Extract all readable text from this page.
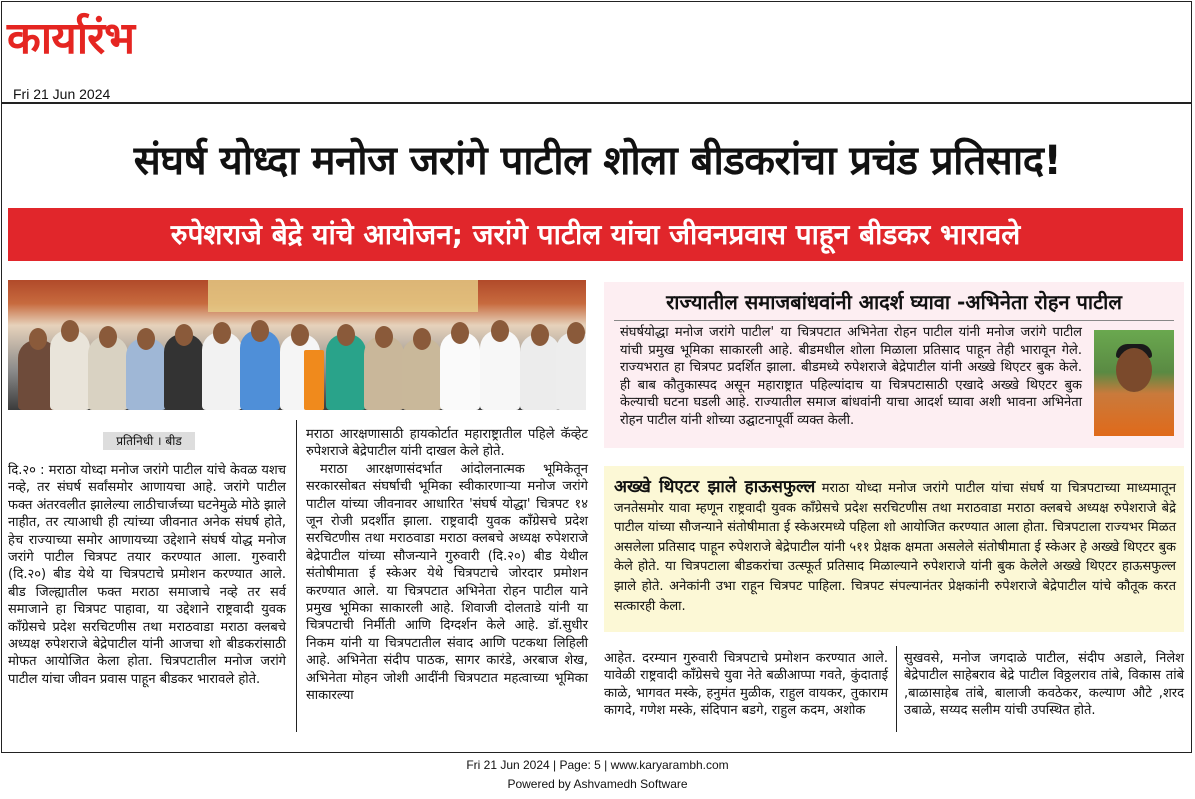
कार्यारंभ
Fri 21 Jun 2024
संघर्ष योध्दा मनोज जरांगे पाटील शोला बीडकरांचा प्रचंड प्रतिसाद!
रुपेशराजे बेद्रे यांचे आयोजन; जरांगे पाटील यांचा जीवनप्रवास पाहून बीडकर भारावले
प्रतिनिधी । बीड

दि.२० : मराठा योध्दा मनोज जरांगे पाटील यांचे केवळ यशच नव्हे, तर संघर्ष सर्वांसमोर आणायचा आहे. जरांगे पाटील फक्त अंतरवलीत झालेल्या लाठीचार्जच्या घटनेमुळे मोठे झाले नाहीत, तर त्याआधी ही त्यांच्या जीवनात अनेक संघर्ष होते, हेच राज्याच्या समोर आणायच्या उद्देशाने संघर्ष योद्ध मनोज जरांगे पाटील चित्रपट तयार करण्यात आला. गुरुवारी (दि.२०) बीड येथे या चित्रपटाचे प्रमोशन करण्यात आले. बीड जिल्ह्यातील फक्त मराठा समाजाचे नव्हे तर सर्व समाजाने हा चित्रपट पाहावा, या उद्देशाने राष्ट्रवादी युवक कॉंग्रेसचे प्रदेश सरचिटणीस तथा मराठवाडा मराठा क्लबचे अध्यक्ष रुपेशराजे बेद्रेपाटील यांनी आजचा शो बीडकरांसाठी मोफत आयोजित केला होता. चित्रपटातील मनोज जरांगे पाटील यांचा जीवन प्रवास पाहून बीडकर भारावले होते.

मराठा आरक्षणासाठी हायकोर्टात महाराष्ट्रातील पहिले कॅव्हेट रुपेशराजे बेद्रेपाटील यांनी दाखल केले होते.

मराठा आरक्षणासंदर्भात आंदोलनात्मक भूमिकेतून सरकारसोबत संघर्षाची भूमिका स्वीकारणाऱ्या मनोज जरांगे पाटील यांच्या जीवनावर आधारित 'संघर्ष योद्धा' चित्रपट १४ जून रोजी प्रदर्शीत झाला. राष्ट्रवादी युवक कॉंग्रेसचे प्रदेश सरचिटणीस तथा मराठवाडा मराठा क्लबचे अध्यक्ष रुपेशराजे बेद्रेपाटील यांच्या सौजन्याने गुरुवारी (दि.२०) बीड येथील संतोषीमाता ई स्केअर येथे चित्रपटाचे जोरदार प्रमोशन करण्यात आले. या चित्रपटात अभिनेता रोहन पाटील याने प्रमुख भूमिका साकारली आहे. शिवाजी दोलताडे यांनी या चित्रपटाची निर्मीती आणि दिग्दर्शन केले आहे. डॉ.सुधीर निकम यांनी या चित्रपटातील संवाद आणि पटकथा लिहिली आहे. अभिनेता संदीप पाठक, सागर कारंडे, अरबाज शेख, अभिनेता मोहन जोशी आदींनी चित्रपटात महत्वाच्या भूमिका साकारल्या

राज्यातील समाजबांधवांनी आदर्श घ्यावा -अभिनेता रोहन पाटील
संघर्षयोद्धा मनोज जरांगे पाटील' या चित्रपटात अभिनेता रोहन पाटील यांनी मनोज जरांगे पाटील यांची प्रमुख भूमिका साकारली आहे. बीडमधील शोला मिळाला प्रतिसाद पाहून तेही भारावून गेले. राज्यभरात हा चित्रपट प्रदर्शित झाला. बीडमध्ये रुपेशराजे बेद्रेपाटील यांनी अख्खे थिएटर बुक केले. ही बाब कौतुकास्पद असून महाराष्ट्रात पहिल्यांदाच या चित्रपटासाठी एखादे अख्खे थिएटर बुक केल्याची घटना घडली आहे. राज्यातील समाज बांधवांनी याचा आदर्श घ्यावा अशी भावना अभिनेता रोहन पाटील यांनी शोच्या उद्घाटनापूर्वी व्यक्त केली.
अख्खे थिएटर झाले हाऊसफुल्ल मराठा योध्दा मनोज जरांगे पाटील यांचा संघर्ष या चित्रपटाच्या माध्यमातून जनतेसमोर यावा म्हणून राष्ट्रवादी युवक कॉंग्रेसचे प्रदेश सरचिटणीस तथा मराठवाडा मराठा क्लबचे अध्यक्ष रुपेशराजे बेद्रे पाटील यांच्या सौजन्याने संतोषीमाता ई स्केअरमध्ये पहिला शो आयोजित करण्यात आला होता. चित्रपटाला राज्यभर मिळत असलेला प्रतिसाद पाहून रुपेशराजे बेद्रेपाटील यांनी ५११ प्रेक्षक क्षमता असलेले संतोषीमाता ई स्केअर हे अख्खे थिएटर बुक केले होते. या चित्रपटाला बीडकरांचा उत्स्फूर्त प्रतिसाद मिळाल्याने रुपेशराजे यांनी बुक केलेले अख्खे थिएटर हाऊसफुल्ल झाले होते. अनेकांनी उभा राहून चित्रपट पाहिला. चित्रपट संपल्यानंतर प्रेक्षकांनी रुपेशराजे बेद्रेपाटील यांचे कौतूक करत सत्कारही केला.

आहेत. दरम्यान गुरुवारी चित्रपटाचे प्रमोशन करण्यात आले. यावेळी राष्ट्रवादी कॉंग्रेसचे युवा नेते बळीआप्पा गवते, कुंदाताई काळे, भागवत मस्के, हनुमंत मुळीक, राहुल वायकर, तुकाराम कागदे, गणेश मस्के, संदिपान बडगे, राहुल कदम, अशोक

सुखवसे, मनोज जगदाळे पाटील, संदीप अडाले, निलेश बेद्रेपाटील साहेबराव बेद्रे पाटील विठ्ठलराव तांबे, विकास तांबे ,बाळासाहेब तांबे, बालाजी कवठेकर, कल्याण औटे ,शरद उबाळे, सय्यद सलीम यांची उपस्थित होते.

Fri 21 Jun 2024 | Page: 5 | www.karyarambh.com
Powered by Ashvamedh Software
